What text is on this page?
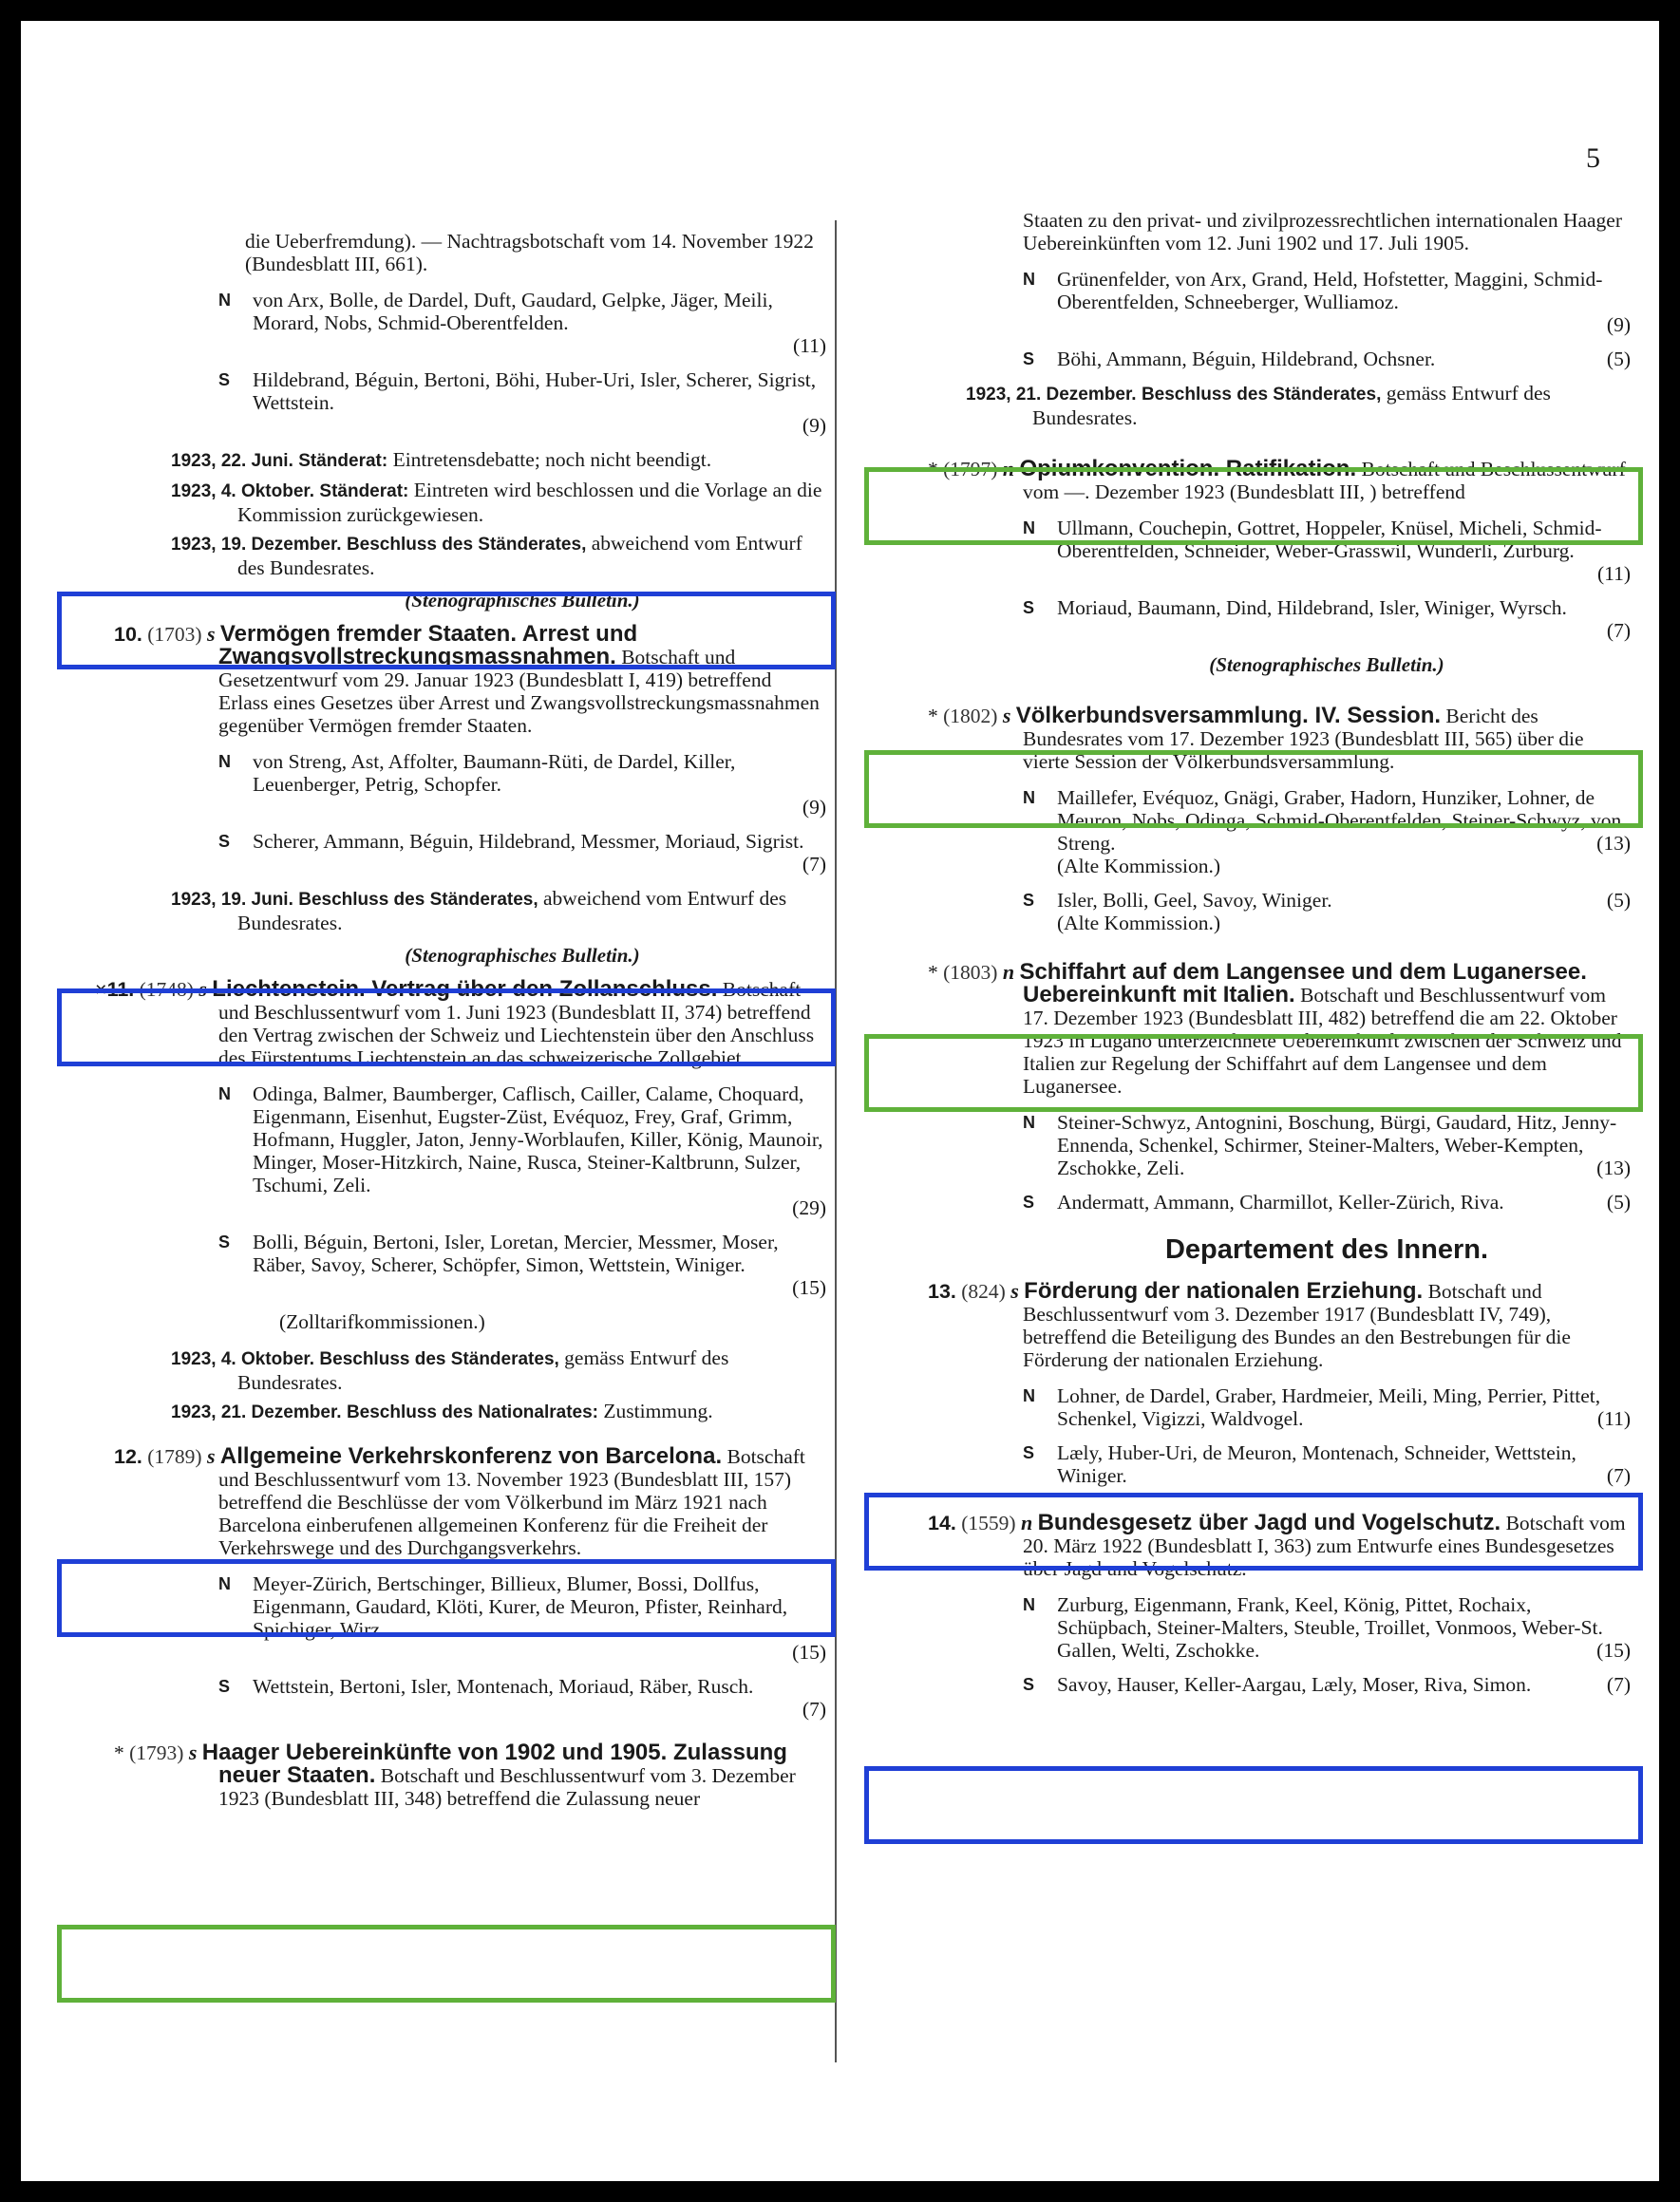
5

die Ueberfremdung). — Nachtragsbotschaft vom 14. November 1922 (Bundesblatt III, 661).

N von Arx, Bolle, de Dardel, Duft, Gaudard, Gelpke, Jäger, Meili, Morard, Nobs, Schmid-Oberentfelden.
(11)
S Hildebrand, Béguin, Bertoni, Böhi, Huber-Uri, Isler, Scherer, Sigrist, Wettstein.
(9)
1923, 22. Juni. Ständerat: Eintretensdebatte; noch nicht beendigt.
1923, 4. Oktober. Ständerat: Eintreten wird beschlossen und die Vorlage an die Kommission zurückgewiesen.
1923, 19. Dezember. Beschluss des Ständerates, abweichend vom Entwurf des Bundesrates.
(Stenographisches Bulletin.)
10. (1703) s Vermögen fremder Staaten. Arrest und Zwangsvollstreckungsmassnahmen. Botschaft und Gesetzentwurf vom 29. Januar 1923 (Bundesblatt I, 419) betreffend Erlass eines Gesetzes über Arrest und Zwangsvollstreckungsmassnahmen gegenüber Vermögen fremder Staaten.
N von Streng, Ast, Affolter, Baumann-Rüti, de Dardel, Killer, Leuenberger, Petrig, Schopfer.
(9)
S Scherer, Ammann, Béguin, Hildebrand, Messmer, Moriaud, Sigrist.
(7)
1923, 19. Juni. Beschluss des Ständerates, abweichend vom Entwurf des Bundesrates.
(Stenographisches Bulletin.)
×11. (1748) s Liechtenstein. Vertrag über den Zollanschluss. Botschaft und Beschlussentwurf vom 1. Juni 1923 (Bundesblatt II, 374) betreffend den Vertrag zwischen der Schweiz und Liechtenstein über den Anschluss des Fürstentums Liechtenstein an das schweizerische Zollgebiet.
N Odinga, Balmer, Baumberger, Caflisch, Cailler, Calame, Choquard, Eigenmann, Eisenhut, Eugster-Züst, Evéquoz, Frey, Graf, Grimm, Hofmann, Huggler, Jaton, Jenny-Worblaufen, Killer, König, Maunoir, Minger, Moser-Hitzkirch, Naine, Rusca, Steiner-Kaltbrunn, Sulzer, Tschumi, Zeli.
(29)
S Bolli, Béguin, Bertoni, Isler, Loretan, Mercier, Messmer, Moser, Räber, Savoy, Scherer, Schöpfer, Simon, Wettstein, Winiger.
(15)
(Zolltarifkommissionen.)
1923, 4. Oktober. Beschluss des Ständerates, gemäss Entwurf des Bundesrates.
1923, 21. Dezember. Beschluss des Nationalrates: Zustimmung.
12. (1789) s Allgemeine Verkehrskonferenz von Barcelona. Botschaft und Beschlussentwurf vom 13. November 1923 (Bundesblatt III, 157) betreffend die Beschlüsse der vom Völkerbund im März 1921 nach Barcelona einberufenen allgemeinen Konferenz für die Freiheit der Verkehrswege und des Durchgangsverkehrs.
N Meyer-Zürich, Bertschinger, Billieux, Blumer, Bossi, Dollfus, Eigenmann, Gaudard, Klöti, Kurer, de Meuron, Pfister, Reinhard, Spichiger, Wirz.
(15)
S Wettstein, Bertoni, Isler, Montenach, Moriaud, Räber, Rusch.
(7)
* (1793) s Haager Uebereinkünfte von 1902 und 1905. Zulassung neuer Staaten. Botschaft und Beschlussentwurf vom 3. Dezember 1923 (Bundesblatt III, 348) betreffend die Zulassung neuer

Staaten zu den privat- und zivilprozessrechtlichen internationalen Haager Uebereinkünften vom 12. Juni 1902 und 17. Juli 1905.

N Grünenfelder, von Arx, Grand, Held, Hofstetter, Maggini, Schmid-Oberentfelden, Schneeberger, Wulliamoz.
(9)
S Böhi, Ammann, Béguin, Hildebrand, Ochsner.	(5)
1923, 21. Dezember. Beschluss des Ständerates, gemäss Entwurf des Bundesrates.
* (1797) n Opiumkonvention. Ratifikation. Botschaft und Beschlussentwurf vom —. Dezember 1923 (Bundesblatt III, ) betreffend
N Ullmann, Couchepin, Gottret, Hoppeler, Knüsel, Micheli, Schmid-Oberentfelden, Schneider, Weber-Grasswil, Wunderli, Zurburg.
(11)
S Moriaud, Baumann, Dind, Hildebrand, Isler, Winiger, Wyrsch.
(7)
(Stenographisches Bulletin.)
* (1802) s Völkerbundsversammlung. IV. Session. Bericht des Bundesrates vom 17. Dezember 1923 (Bundesblatt III, 565) über die vierte Session der Völkerbundsversammlung.
N Maillefer, Evéquoz, Gnägi, Graber, Hadorn, Hunziker, Lohner, de Meuron, Nobs, Odinga, Schmid-Oberentfelden, Steiner-Schwyz, von Streng.	(13)
(Alte Kommission.)
S Isler, Bolli, Geel, Savoy, Winiger.	(5)
(Alte Kommission.)
* (1803) n Schiffahrt auf dem Langensee und dem Luganersee. Uebereinkunft mit Italien. Botschaft und Beschlussentwurf vom 17. Dezember 1923 (Bundesblatt III, 482) betreffend die am 22. Oktober 1923 in Lugano unterzeichnete Uebereinkunft zwischen der Schweiz und Italien zur Regelung der Schiffahrt auf dem Langensee und dem Luganersee.
N Steiner-Schwyz, Antognini, Boschung, Bürgi, Gaudard, Hitz, Jenny-Ennenda, Schenkel, Schirmer, Steiner-Malters, Weber-Kempten, Zschokke, Zeli.	(13)
S Andermatt, Ammann, Charmillot, Keller-Zürich, Riva.	(5)
Departement des Innern.
13. (824) s Förderung der nationalen Erziehung. Botschaft und Beschlussentwurf vom 3. Dezember 1917 (Bundesblatt IV, 749), betreffend die Beteiligung des Bundes an den Bestrebungen für die Förderung der nationalen Erziehung.
N Lohner, de Dardel, Graber, Hardmeier, Meili, Ming, Perrier, Pittet, Schenkel, Vigizzi, Waldvogel.	(11)
S Læly, Huber-Uri, de Meuron, Montenach, Schneider, Wettstein, Winiger.	(7)
14. (1559) n Bundesgesetz über Jagd und Vogelschutz. Botschaft vom 20. März 1922 (Bundesblatt I, 363) zum Entwurfe eines Bundesgesetzes über Jagd und Vogelschutz.
N Zurburg, Eigenmann, Frank, Keel, König, Pittet, Rochaix, Schüpbach, Steiner-Malters, Steuble, Troillet, Vonmoos, Weber-St. Gallen, Welti, Zschokke.	(15)
S Savoy, Hauser, Keller-Aargau, Læly, Moser, Riva, Simon.	(7)
